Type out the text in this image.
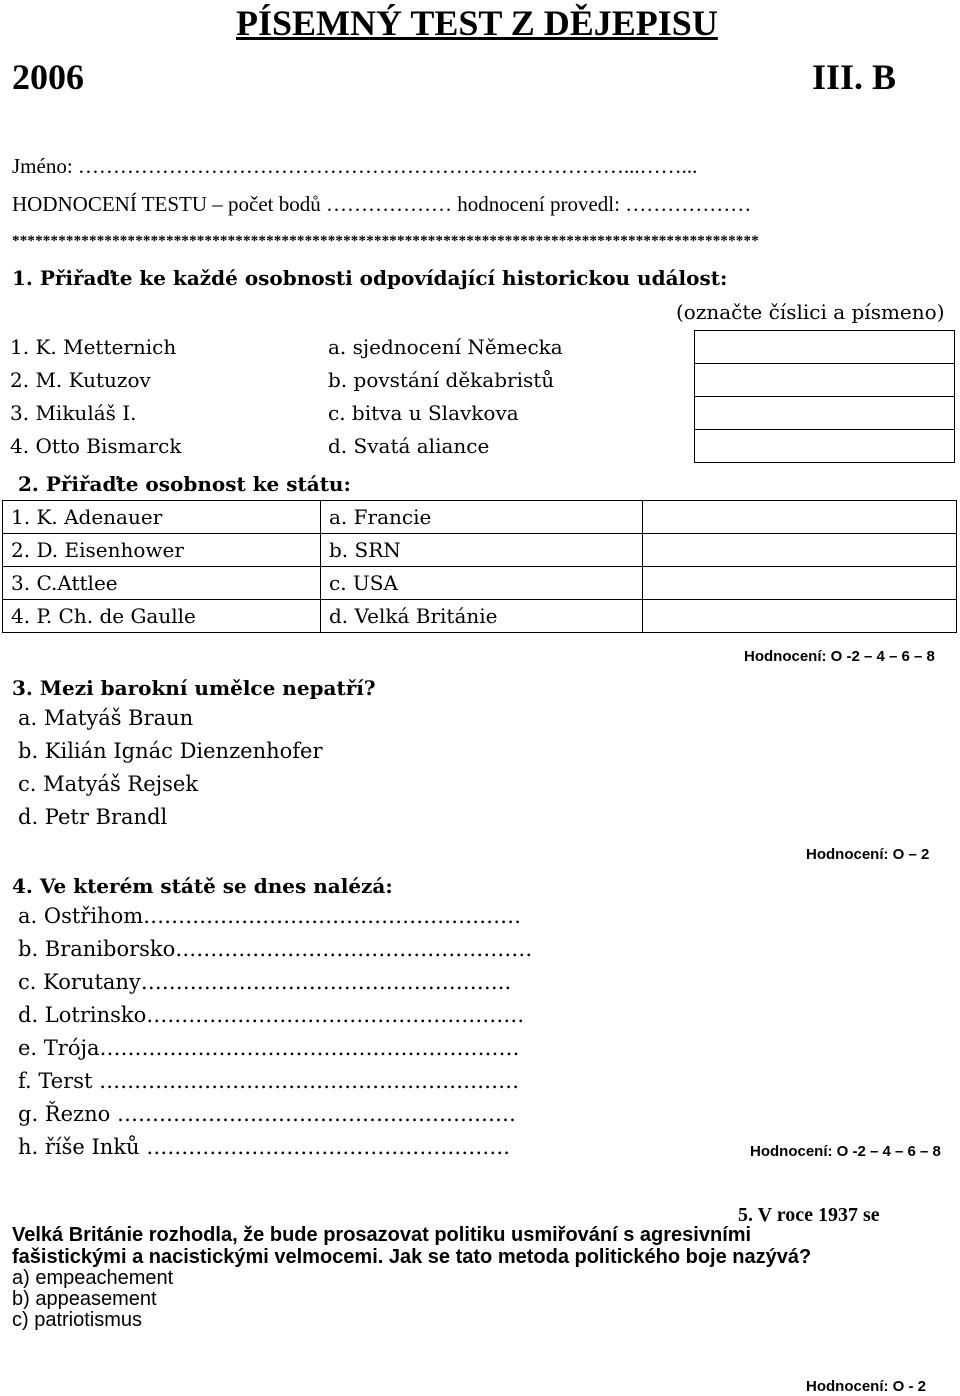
PÍSEMNÝ TEST Z DĚJEPISU
2006	III. B
Jméno: ……………………………………………………………………...……...
HODNOCENÍ TESTU – počet bodů ……………… hodnocení provedl: ………………
*************************************************************************************************
1. Přiřaďte ke každé osobnosti odpovídající historickou událost:
(označte číslici a písmeno)
1. K. Metternich	a. sjednocení Německa	
2. M. Kutuzov	b. povstání děkabristů	
3. Mikuláš I.	c. bitva u Slavkova	
4. Otto Bismarck	d. Svatá aliance	
2. Přiřaďte osobnost ke státu:
1. K. Adenauer	a. Francie	
2. D. Eisenhower	b. SRN	
3. C.Attlee	c. USA	
4. P. Ch. de Gaulle	d. Velká Británie	
Hodnocení: O -2 – 4 – 6 – 8
3. Mezi barokní umělce nepatří?
a. Matyáš Braun
b. Kilián Ignác Dienzenhofer
c. Matyáš Rejsek
d. Petr Brandl
Hodnocení: O – 2
4. Ve kterém státě se dnes nalézá:
a. Ostřihom………………………………………………
b. Braniborsko……………………………………………
c. Korutany……………………………………………..
d. Lotrinsko………………………………………………
e. Trója……………………………………………………
f. Terst ……………………………………………………
g. Řezno …………………………………………………
h. říše Inků …………………………………………….	Hodnocení: O -2 – 4 – 6 – 8
5. V roce 1937 se
Velká Británie rozhodla, že bude prosazovat politiku usmiřování s agresivními
fašistickými a nacistickými velmocemi. Jak se tato metoda politického boje nazývá?
a) empeachement
b) appeasement
c) patriotismus
Hodnocení: O - 2
